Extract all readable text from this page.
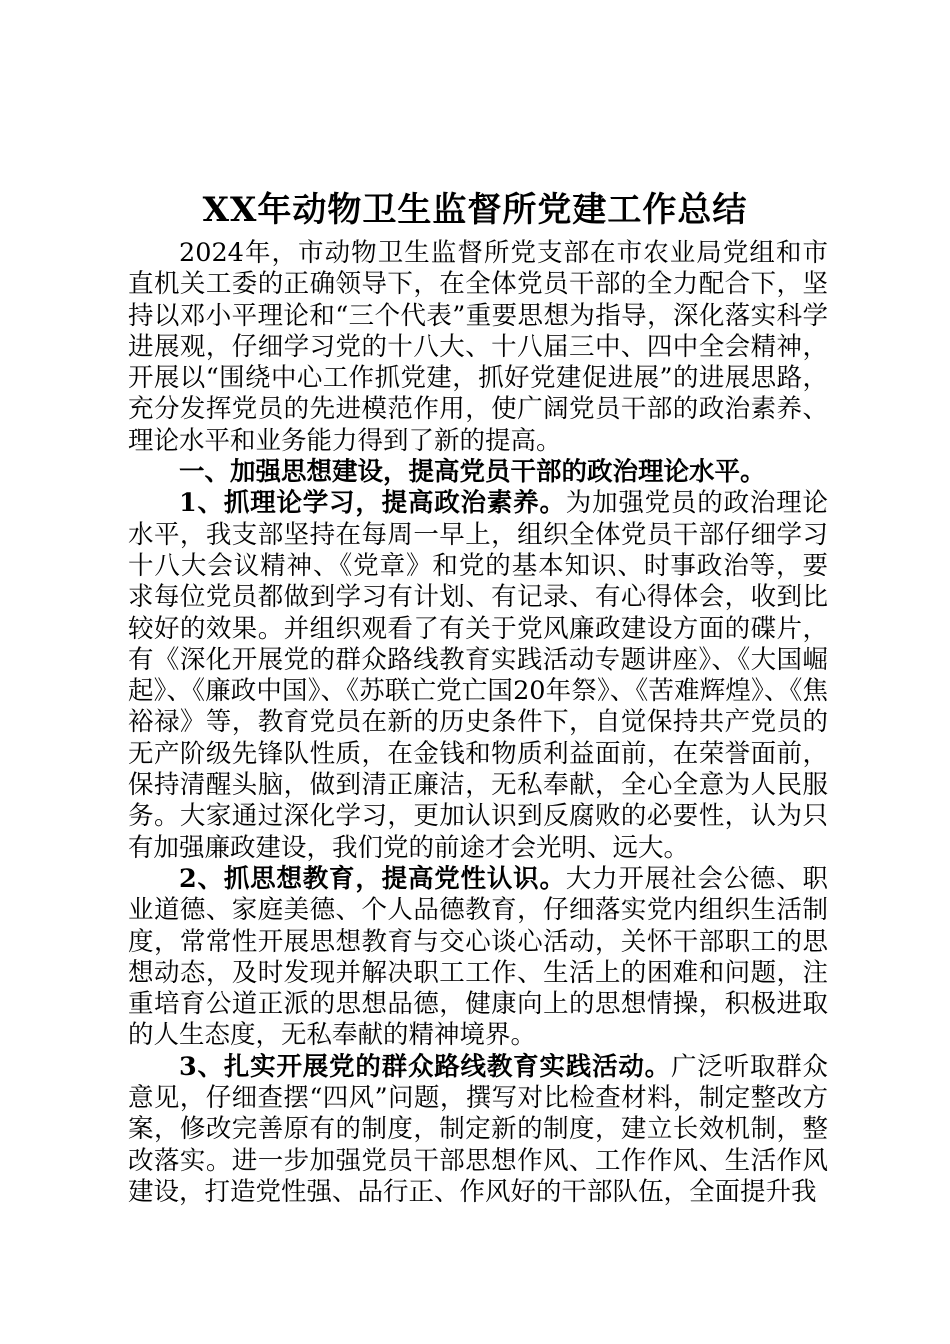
XX年动物卫生监督所党建工作总结

2024年，市动物卫生监督所党支部在市农业局党组和市直机关工委的正确领导下，在全体党员干部的全力配合下，坚持以邓小平理论和“三个代表”重要思想为指导，深化落实科学进展观，仔细学习党的十八大、十八届三中、四中全会精神，开展以“围绕中心工作抓党建，抓好党建促进展”的进展思路，充分发挥党员的先进模范作用，使广阔党员干部的政治素养、理论水平和业务能力得到了新的提高。

一、加强思想建设，提高党员干部的政治理论水平。

1、抓理论学习，提高政治素养。为加强党员的政治理论水平，我支部坚持在每周一早上，组织全体党员干部仔细学习十八大会议精神、《党章》和党的基本知识、时事政治等，要求每位党员都做到学习有计划、有记录、有心得体会，收到比较好的效果。并组织观看了有关于党风廉政建设方面的碟片，有《深化开展党的群众路线教育实践活动专题讲座》、《大国崛起》、《廉政中国》、《苏联亡党亡国20年祭》、《苦难辉煌》、《焦裕禄》等，教育党员在新的历史条件下，自觉保持共产党员的无产阶级先锋队性质，在金钱和物质利益面前，在荣誉面前，保持清醒头脑，做到清正廉洁，无私奉献，全心全意为人民服务。大家通过深化学习，更加认识到反腐败的必要性，认为只有加强廉政建设，我们党的前途才会光明、远大。

2、抓思想教育，提高党性认识。大力开展社会公德、职业道德、家庭美德、个人品德教育，仔细落实党内组织生活制度，常常性开展思想教育与交心谈心活动，关怀干部职工的思想动态，及时发现并解决职工工作、生活上的困难和问题，注重培育公道正派的思想品德，健康向上的思想情操，积极进取的人生态度，无私奉献的精神境界。

3、扎实开展党的群众路线教育实践活动。广泛听取群众意见，仔细查摆“四风”问题，撰写对比检查材料，制定整改方案，修改完善原有的制度，制定新的制度，建立长效机制，整改落实。进一步加强党员干部思想作风、工作作风、生活作风建设，打造党性强、品行正、作风好的干部队伍，全面提升我
